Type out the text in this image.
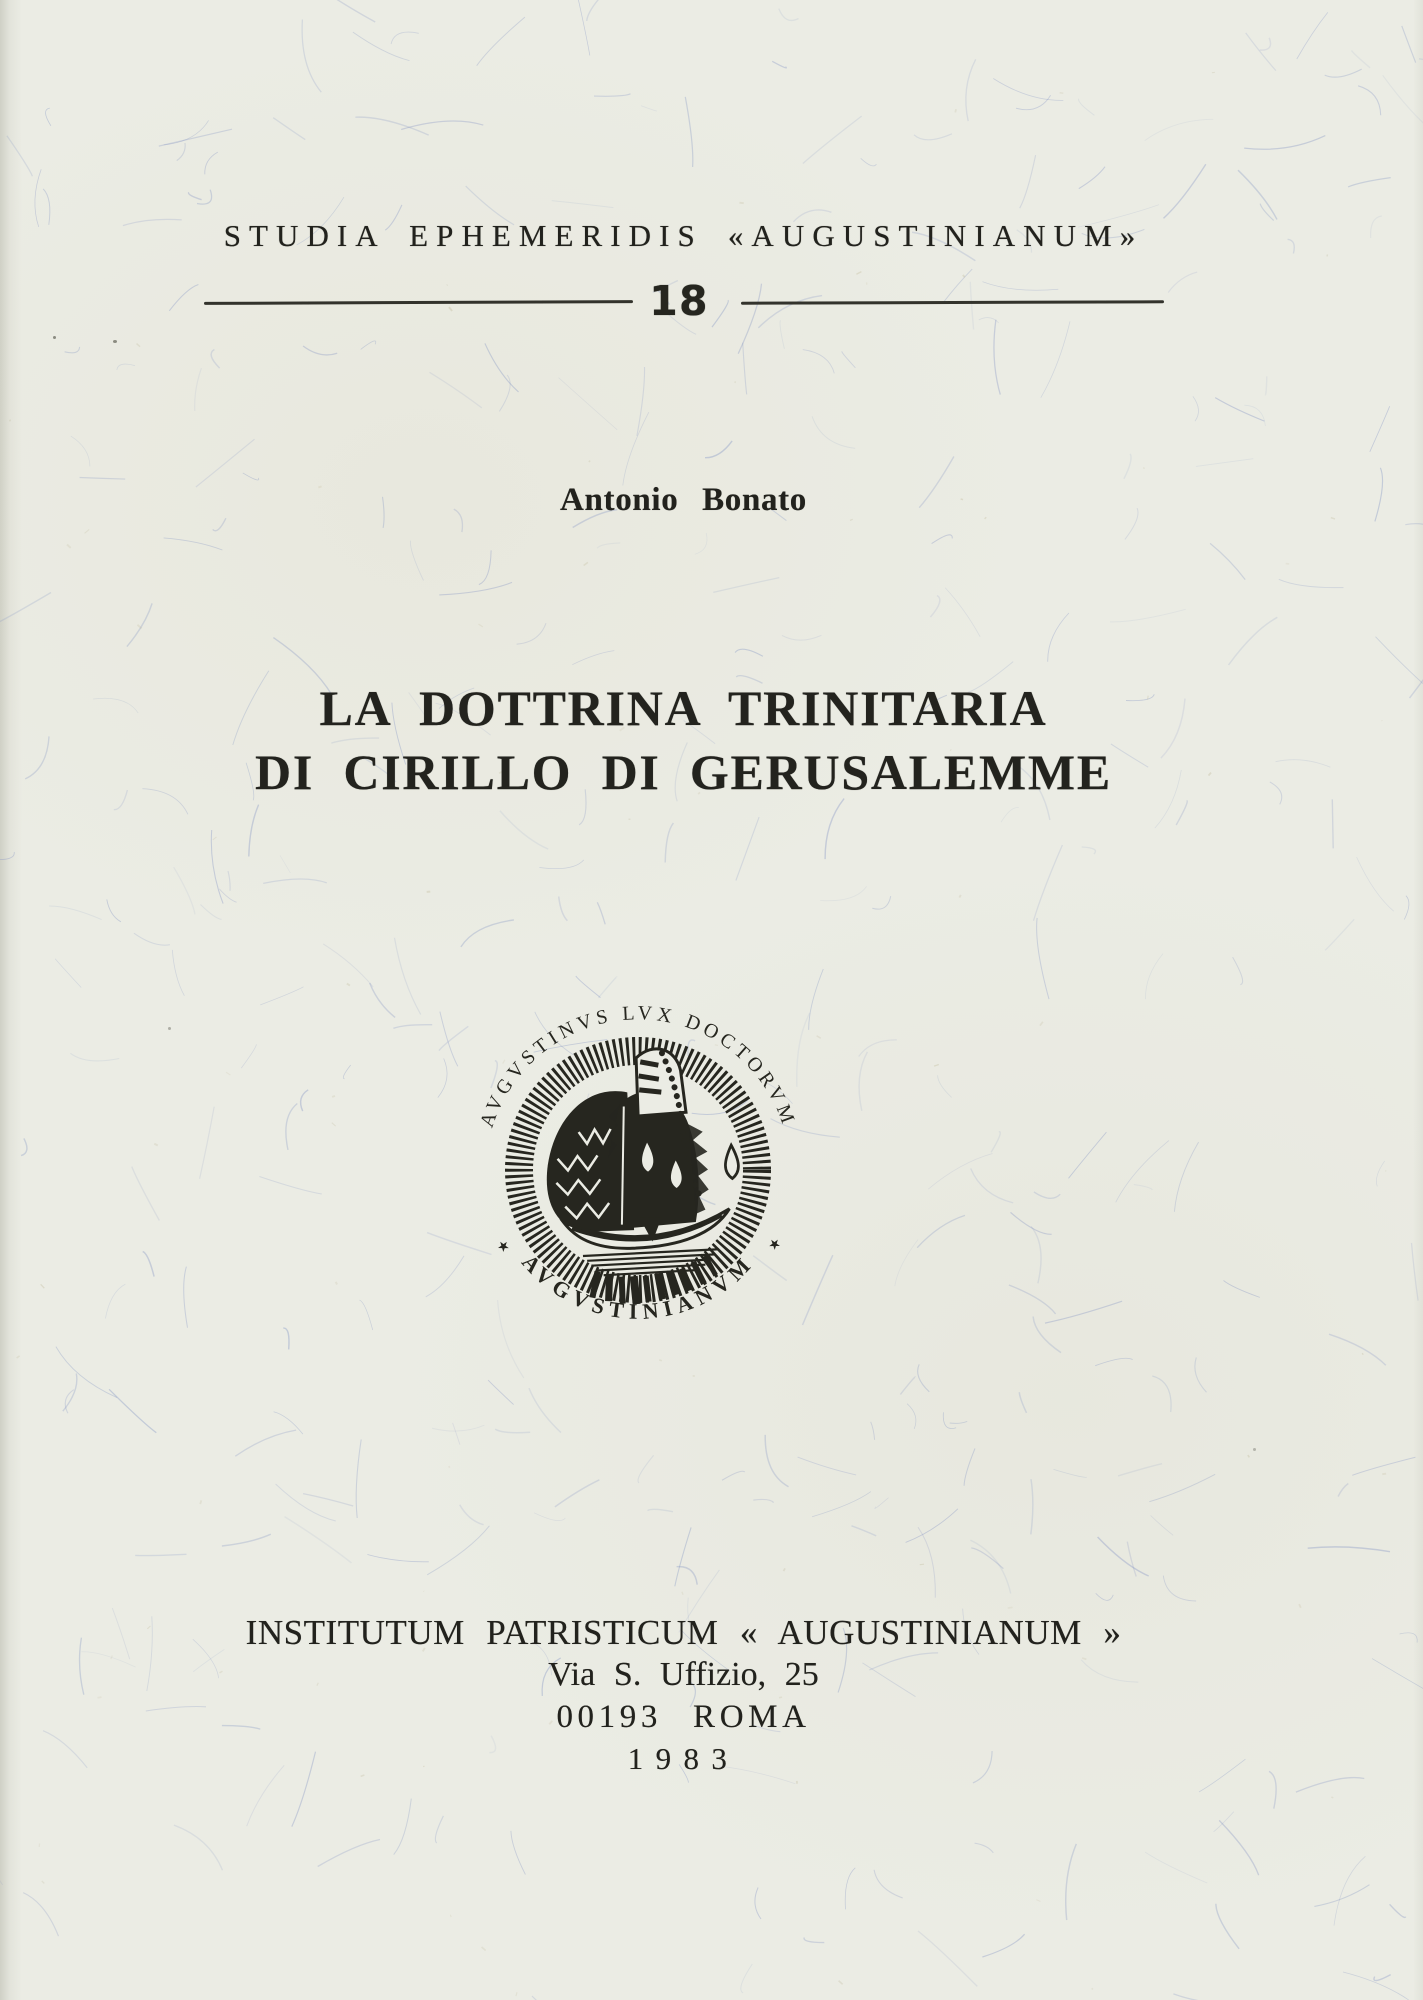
STUDIA EPHEMERIDIS «AUGUSTINIANUM»
18
Antonio Bonato
LA DOTTRINA TRINITARIA
DI CIRILLO DI GERUSALEMME
AVGVSTINVS LVX DOCTORVM
AVGVSTINIANVM
★	★
INSTITUTUM PATRISTICUM « AUGUSTINIANUM »
Via S. Uffizio, 25
00193 ROMA
1983
